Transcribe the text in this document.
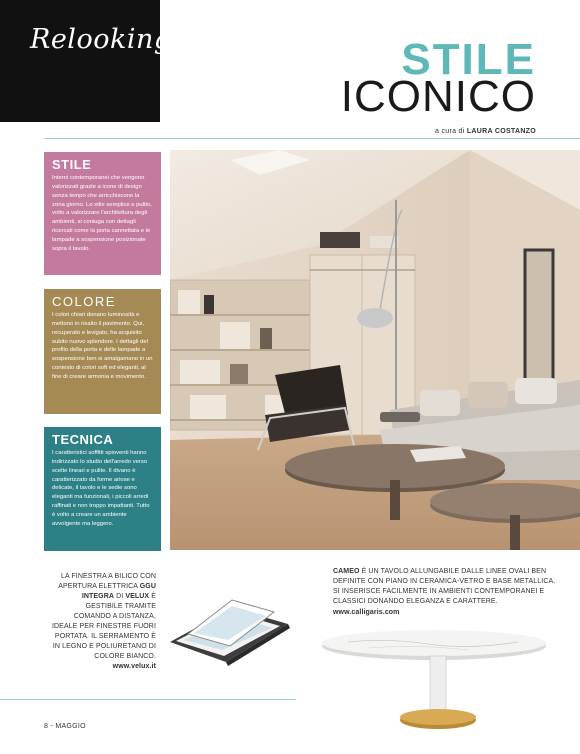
Relooking	STILE
ICONICO
a cura di LAURA COSTANZO
STILE
Interni contemporanei che vengono valorizzati grazie a icone di design senza tempo che arricchiscono la zona giorno. Lo stile semplice e pulito, volto a valorizzare l'architettura degli ambienti, si coniuga con dettagli ricercati come la porta cannettata e le lampade a sospensione posizionate sopra il tavolo.
COLORE
I colori chiari donano luminosità e mettono in risalto il pavimento. Qui, recuperato e levigato, ha acquisito subito nuovo splendore. I dettagli del profilo della porta e delle lampade a sospensione ben si amalgamano in un contesto di colori soft ed eleganti, al fine di creare armonia e movimento.
TECNICA
I caratteristici soffitti spioventi hanno indirizzato lo studio dell'arredo verso scelte lineari e pulite. Il divano è caratterizzato da forme ariose e delicate, il tavolo e le sedie sono eleganti ma funzionali, i piccoli arredi raffinati e non troppo impattanti. Tutto è volto a creare un ambiente avvolgente ma leggero.
LA FINESTRA A BILICO CON APERTURA ELETTRICA GGU INTEGRA DI VELUX È GESTIBILE TRAMITE COMANDO A DISTANZA, IDEALE PER FINESTRE FUORI PORTATA. IL SERRAMENTO È IN LEGNO E POLIURETANO DI COLORE BIANCO.
www.velux.it
CAMEO È UN TAVOLO ALLUNGABILE DALLE LINEE OVALI BEN DEFINITE CON PIANO IN CERAMICA-VETRO E BASE METALLICA. SI INSERISCE FACILMENTE IN AMBIENTI CONTEMPORANEI E CLASSICI DONANDO ELEGANZA E CARATTERE.
www.calligaris.com
8 - MAGGIO
